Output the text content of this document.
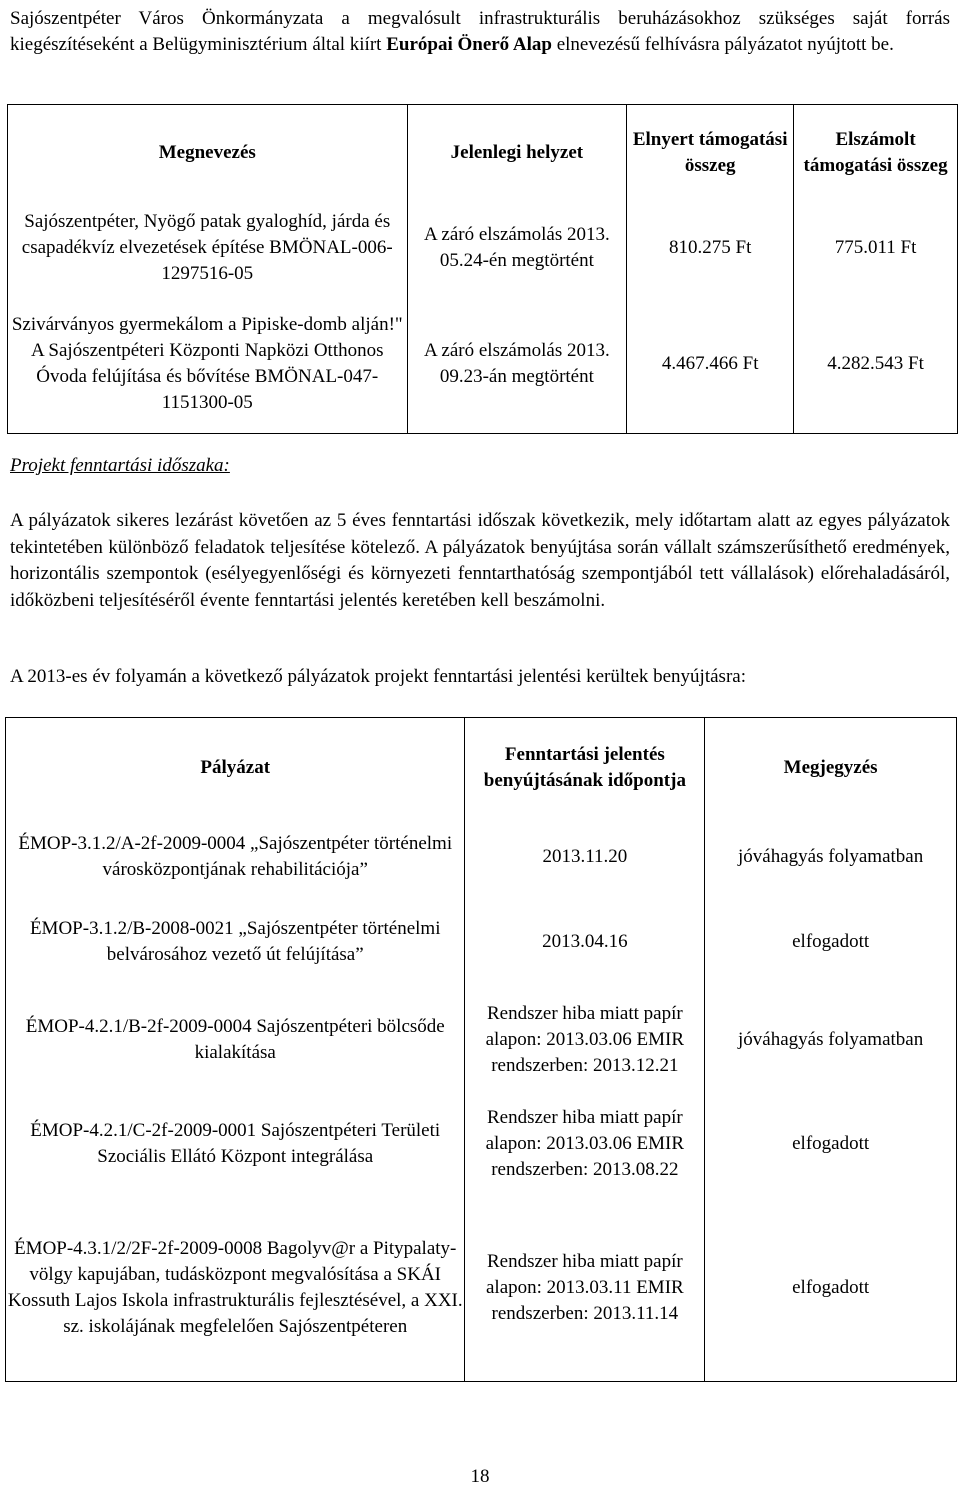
Sajószentpéter Város Önkormányzata a megvalósult infrastrukturális beruházásokhoz szükséges saját forrás kiegészítéseként a Belügyminisztérium által kiírt Európai Önerő Alap elnevezésű felhívásra pályázatot nyújtott be.

Megnevezés	Jelenlegi helyzet	Elnyert támogatási összeg	Elszámolt támogatási összeg
Sajószentpéter, Nyögő patak gyaloghíd, járda és csapadékvíz elvezetések építése BMÖNAL-006-1297516-05	A záró elszámolás 2013. 05.24-én megtörtént	810.275 Ft	775.011 Ft
Szivárványos gyermekálom a Pipiske-domb alján!" A Sajószentpéteri Központi Napközi Otthonos Óvoda felújítása és bővítése BMÖNAL-047-1151300-05	A záró elszámolás 2013. 09.23-án megtörtént	4.467.466 Ft	4.282.543 Ft
Projekt fenntartási időszaka:

A pályázatok sikeres lezárást követően az 5 éves fenntartási időszak következik, mely időtartam alatt az egyes pályázatok tekintetében különböző feladatok teljesítése kötelező. A pályázatok benyújtása során vállalt számszerűsíthető eredmények, horizontális szempontok (esélyegyenlőségi és környezeti fenntarthatóság szempontjából tett vállalások) előrehaladásáról, időközbeni teljesítéséről évente fenntartási jelentés keretében kell beszámolni.

A 2013-es év folyamán a következő pályázatok projekt fenntartási jelentési kerültek benyújtásra:

Pályázat	Fenntartási jelentés benyújtásának időpontja	Megjegyzés
ÉMOP-3.1.2/A-2f-2009-0004 „Sajószentpéter történelmi városközpontjának rehabilitációja”	2013.11.20	jóváhagyás folyamatban
ÉMOP-3.1.2/B-2008-0021 „Sajószentpéter történelmi belvárosához vezető út felújítása”	2013.04.16	elfogadott
ÉMOP-4.2.1/B-2f-2009-0004 Sajószentpéteri bölcsőde kialakítása	Rendszer hiba miatt papír alapon: 2013.03.06 EMIR rendszerben: 2013.12.21	jóváhagyás folyamatban
ÉMOP-4.2.1/C-2f-2009-0001 Sajószentpéteri Területi Szociális Ellátó Központ integrálása	Rendszer hiba miatt papír alapon: 2013.03.06 EMIR rendszerben: 2013.08.22	elfogadott
ÉMOP-4.3.1/2/2F-2f-2009-0008 Bagolyv@r a Pitypalaty-völgy kapujában, tudásközpont megvalósítása a SKÁI Kossuth Lajos Iskola infrastrukturális fejlesztésével, a XXI. sz. iskolájának megfelelően Sajószentpéteren	Rendszer hiba miatt papír alapon: 2013.03.11 EMIR rendszerben: 2013.11.14	elfogadott
18
